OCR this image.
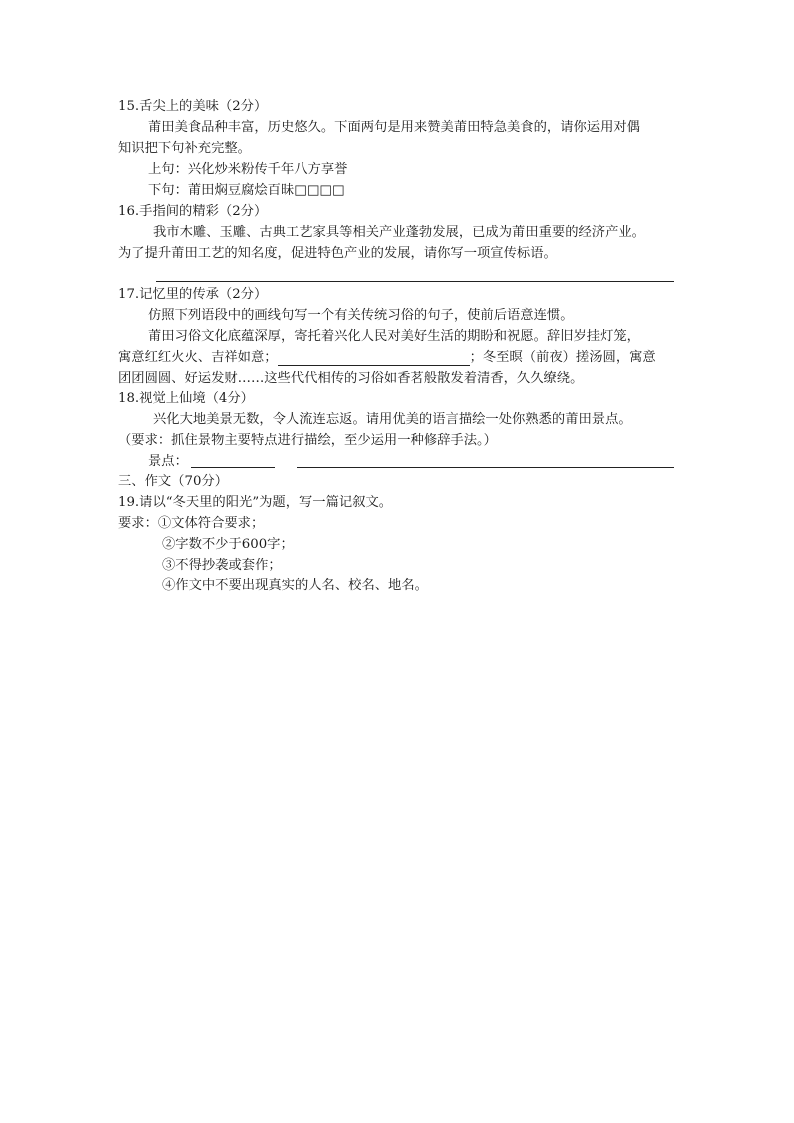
15.舌尖上的美味（2分）
莆田美食品种丰富，历史悠久。下面两句是用来赞美莆田特急美食的，请你运用对偶
知识把下句补充完整。
上句：兴化炒米粉传千年八方享誉
下句：莆田焖豆腐烩百昧□□□□
16.手指间的精彩（2分）
我市木雕、玉雕、古典工艺家具等相关产业蓬勃发展，已成为莆田重要的经济产业。
为了提升莆田工艺的知名度，促进特色产业的发展，请你写一项宣传标语。
17.记忆里的传承（2分）
仿照下列语段中的画线句写一个有关传统习俗的句子，使前后语意连惯。
莆田习俗文化底蕴深厚，寄托着兴化人民对美好生活的期盼和祝愿。辞旧岁挂灯笼，
寓意红红火火、吉祥如意；	；冬至暝（前夜）搓汤圆，寓意
团团圆圆、好运发财……这些代代相传的习俗如香茗般散发着清香，久久缭绕。
18.视觉上仙境（4分）
兴化大地美景无数，令人流连忘返。请用优美的语言描绘一处你熟悉的莆田景点。
（要求：抓住景物主要特点进行描绘，至少运用一种修辞手法。）
景点：
三、作文（70分）
19.请以“冬天里的阳光”为题，写一篇记叙文。
要求：①文体符合要求；
②字数不少于600字；
③不得抄袭或套作；
④作文中不要出现真实的人名、校名、地名。
